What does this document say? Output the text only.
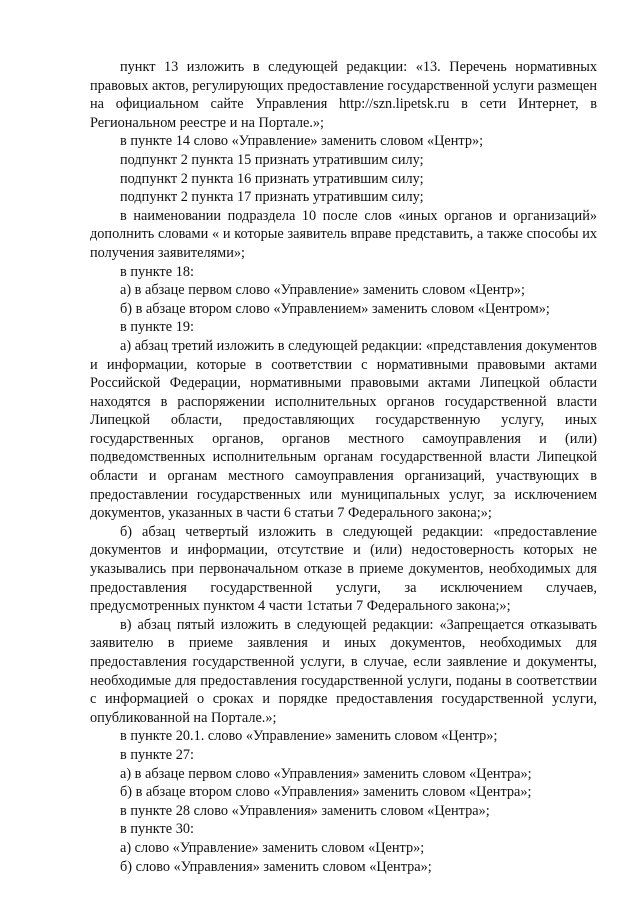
пункт 13 изложить в следующей редакции: «13. Перечень нормативных правовых актов, регулирующих предоставление государственной услуги размещен на официальном сайте Управления http://szn.lipetsk.ru в сети Интернет, в Региональном реестре и на Портале.»;

в пункте 14 слово «Управление» заменить словом «Центр»;

подпункт 2 пункта 15 признать утратившим силу;

подпункт 2 пункта 16 признать утратившим силу;

подпункт 2 пункта 17 признать утратившим силу;

в наименовании подраздела 10 после слов «иных органов и организаций» дополнить словами « и которые заявитель вправе представить, а также способы их получения заявителями»;

в пункте 18:

а) в абзаце первом слово «Управление» заменить словом «Центр»;

б) в абзаце втором слово «Управлением» заменить словом «Центром»;

в пункте 19:

а) абзац третий изложить в следующей редакции: «представления документов и информации, которые в соответствии с нормативными правовыми актами Российской Федерации, нормативными правовыми актами Липецкой области находятся в распоряжении исполнительных органов государственной власти Липецкой области, предоставляющих государственную услугу, иных государственных органов, органов местного самоуправления и (или) подведомственных исполнительным органам государственной власти Липецкой области и органам местного самоуправления организаций, участвующих в предоставлении государственных или муниципальных услуг, за исключением документов, указанных в части 6 статьи 7 Федерального закона;»;

б) абзац четвертый изложить в следующей редакции: «предоставление документов и информации, отсутствие и (или) недостоверность которых не указывались при первоначальном отказе в приеме документов, необходимых для предоставления государственной услуги, за исключением случаев, предусмотренных пунктом 4 части 1статьи 7 Федерального закона;»;

в) абзац пятый изложить в следующей редакции: «Запрещается отказывать заявителю в приеме заявления и иных документов, необходимых для предоставления государственной услуги, в случае, если заявление и документы, необходимые для предоставления государственной услуги, поданы в соответствии с информацией о сроках и порядке предоставления государственной услуги, опубликованной на Портале.»;

в пункте 20.1. слово «Управление» заменить словом «Центр»;

в пункте 27:

а) в абзаце первом слово «Управления» заменить словом «Центра»;

б) в абзаце втором слово «Управления» заменить словом «Центра»;

в пункте 28 слово «Управления» заменить словом «Центра»;

в пункте 30:

а) слово «Управление» заменить словом «Центр»;

б) слово «Управления» заменить словом «Центра»;
